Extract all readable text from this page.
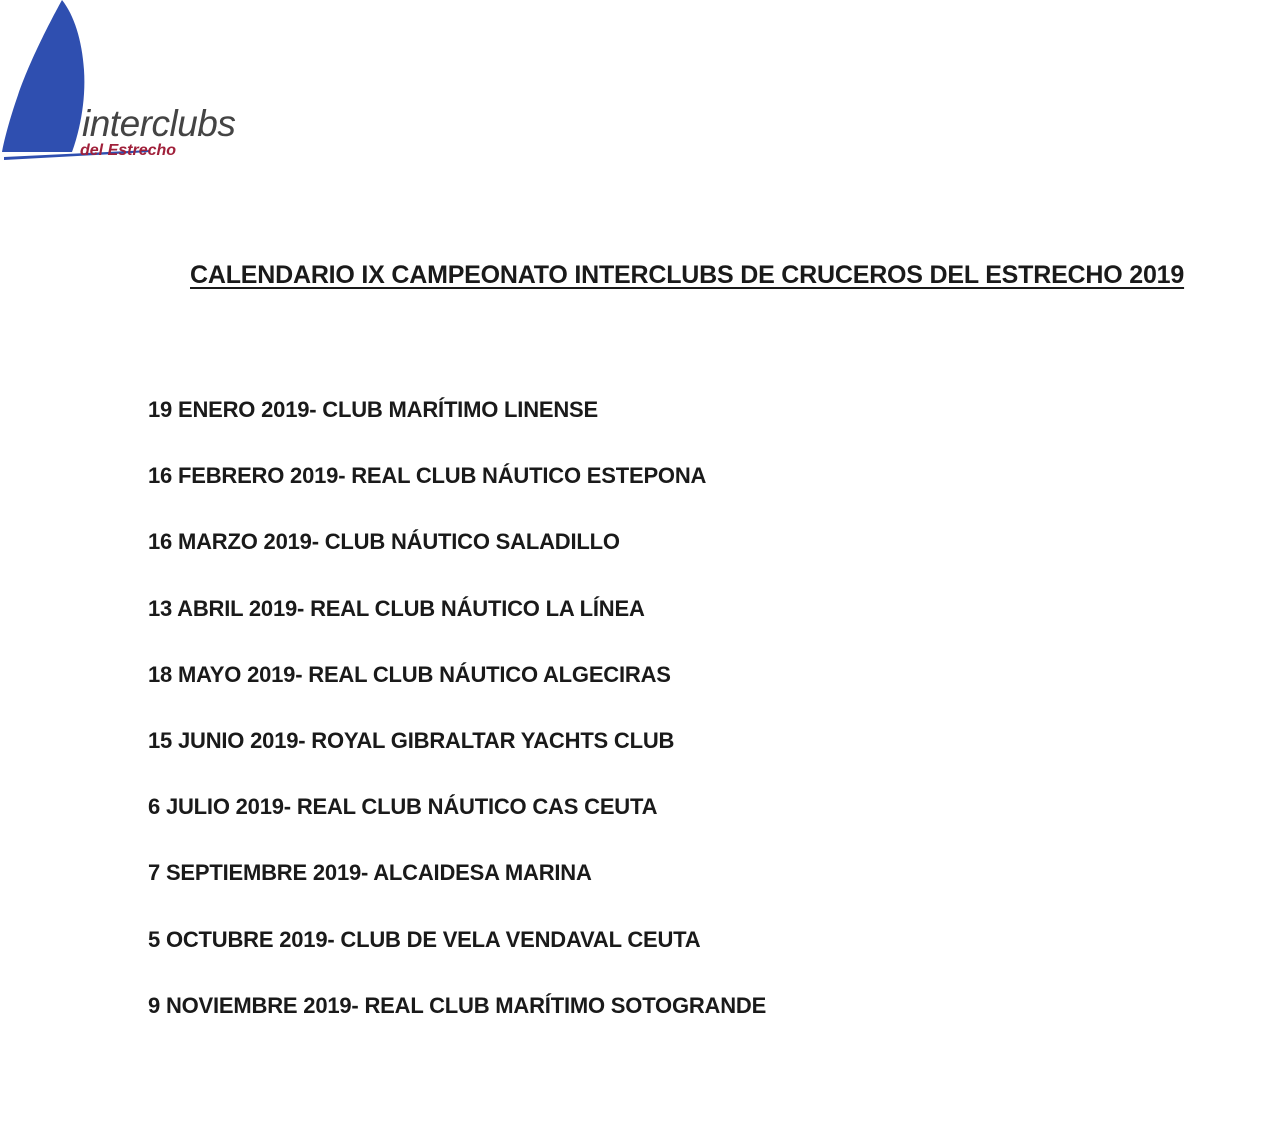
interclubs
del Estrecho
CALENDARIO IX CAMPEONATO INTERCLUBS DE CRUCEROS DEL ESTRECHO 2019
19 ENERO 2019- CLUB MARÍTIMO LINENSE
16 FEBRERO 2019- REAL CLUB NÁUTICO ESTEPONA
16 MARZO 2019- CLUB NÁUTICO SALADILLO
13 ABRIL 2019- REAL CLUB NÁUTICO LA LÍNEA
18 MAYO 2019- REAL CLUB NÁUTICO ALGECIRAS
15 JUNIO 2019- ROYAL GIBRALTAR YACHTS CLUB
6 JULIO 2019- REAL CLUB NÁUTICO CAS CEUTA
7 SEPTIEMBRE 2019- ALCAIDESA MARINA
5 OCTUBRE 2019- CLUB DE VELA VENDAVAL CEUTA
9 NOVIEMBRE 2019- REAL CLUB MARÍTIMO SOTOGRANDE
